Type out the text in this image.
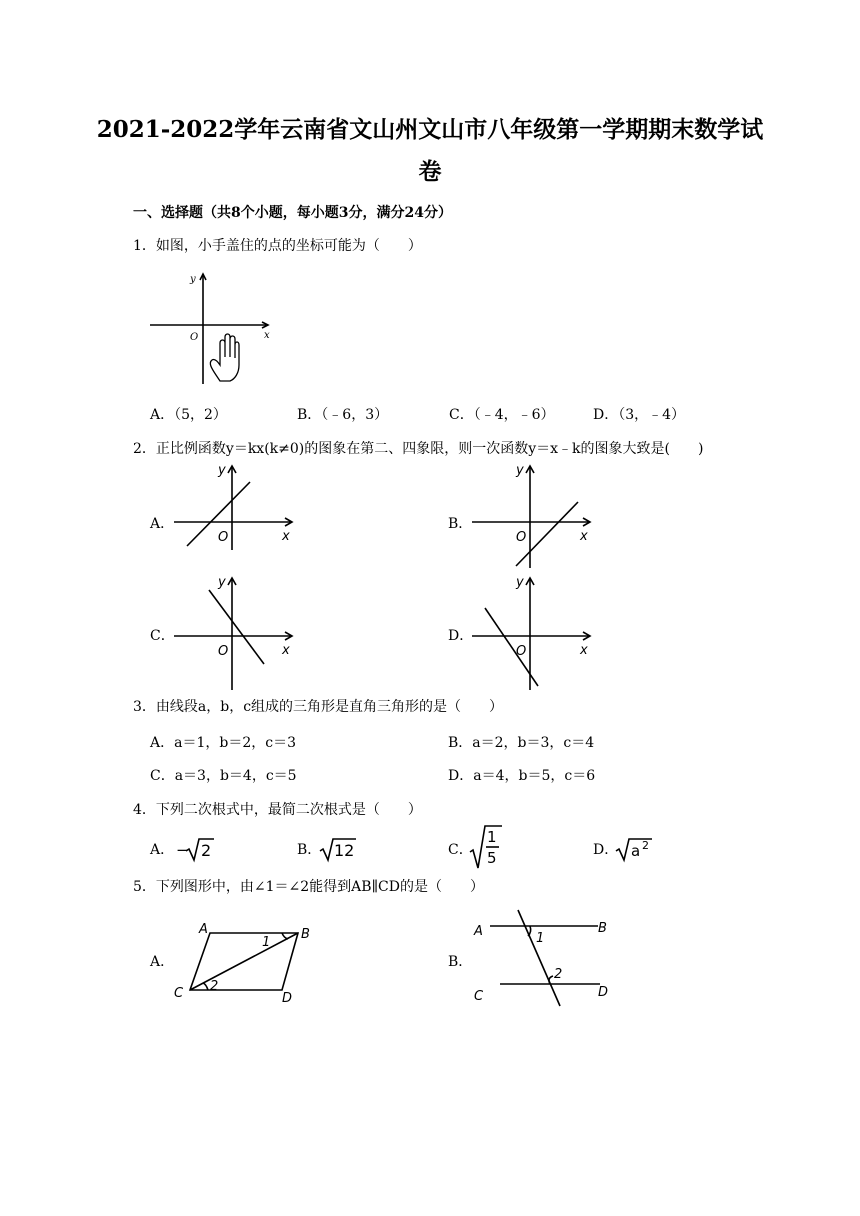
2021-2022学年云南省文山州文山市八年级第一学期期末数学试
卷
一、选择题（共8个小题，每小题3分，满分24分）
1．如图，小手盖住的点的坐标可能为（　　）
y
x
O
A．（5，2）	B．（﹣6，3）	C．（﹣4，﹣6）	D．（3，﹣4）
2．正比例函数y＝kx(k≠0)的图象在第二、四象限，则一次函数y＝x﹣k的图象大致是(　　)
A．
y
x
O
B．
y
x
O
C．
y
x
O
D．
y
x
O
3．由线段a，b，c组成的三角形是直角三角形的是（　　）
A．a＝1，b＝2，c＝3	B．a＝2，b＝3，c＝4
C．a＝3，b＝4，c＝5	D．a＝4，b＝5，c＝6
4．下列二次根式中，最简二次根式是（　　）
A． − 2	B． 12	C．
1
5	D． a 2
5．下列图形中，由∠1＝∠2能得到AB∥CD的是（　　）
A．
A	B
C	D
1
2
B．
A	B
C	D
1
2
